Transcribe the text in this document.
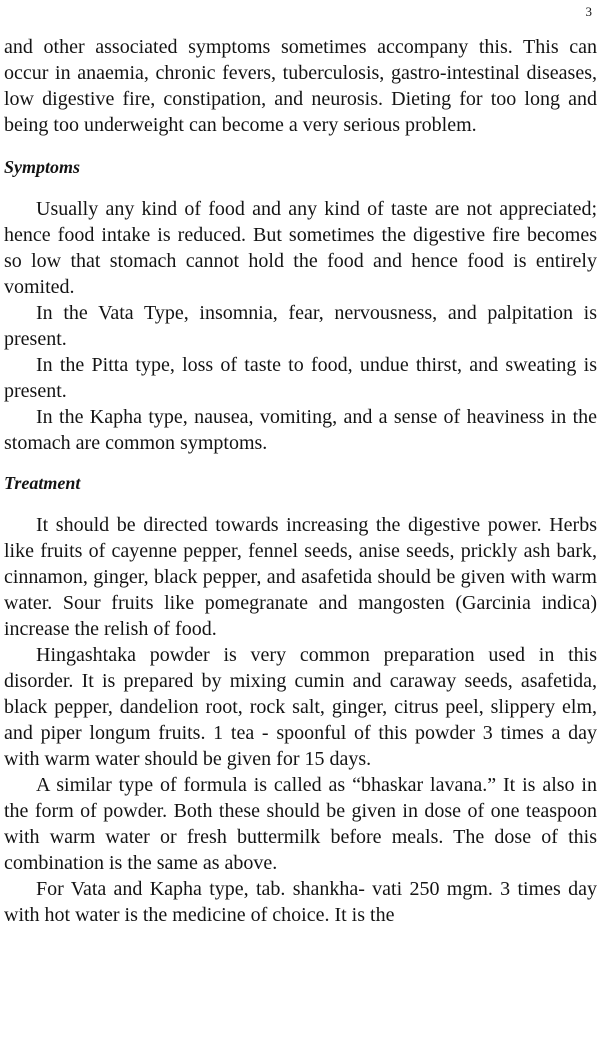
3

and other associated symptoms sometimes accompany this. This can occur in anaemia, chronic fevers, tuberculosis, gastro-intestinal diseases, low digestive fire, constipation, and neurosis. Dieting for too long and being too underweight can become a very serious problem.

Symptoms

Usually any kind of food and any kind of taste are not appreciated; hence food intake is reduced. But sometimes the digestive fire becomes so low that stomach cannot hold the food and hence food is entirely vomited.

In the Vata Type, insomnia, fear, nervousness, and palpitation is present.

In the Pitta type, loss of taste to food, undue thirst, and sweating is present.

In the Kapha type, nausea, vomiting, and a sense of heaviness in the stomach are common symptoms.

Treatment

It should be directed towards increasing the digestive power. Herbs like fruits of cayenne pepper, fennel seeds, anise seeds, prickly ash bark, cinnamon, ginger, black pepper, and asafetida should be given with warm water. Sour fruits like pomegranate and mangosten (Garcinia indica) increase the relish of food.

Hingashtaka powder is very common preparation used in this disorder. It is prepared by mixing cumin and caraway seeds, asafetida, black pepper, dandelion root, rock salt, ginger, citrus peel, slippery elm, and piper longum fruits. 1 tea - spoonful of this powder 3 times a day with warm water should be given for 15 days.

A similar type of formula is called as “bhaskar lavana.” It is also in the form of powder. Both these should be given in dose of one teaspoon with warm water or fresh buttermilk before meals. The dose of this combination is the same as above.

For Vata and Kapha type, tab. shankha- vati 250 mgm. 3 times day with hot water is the medicine of choice. It is the
